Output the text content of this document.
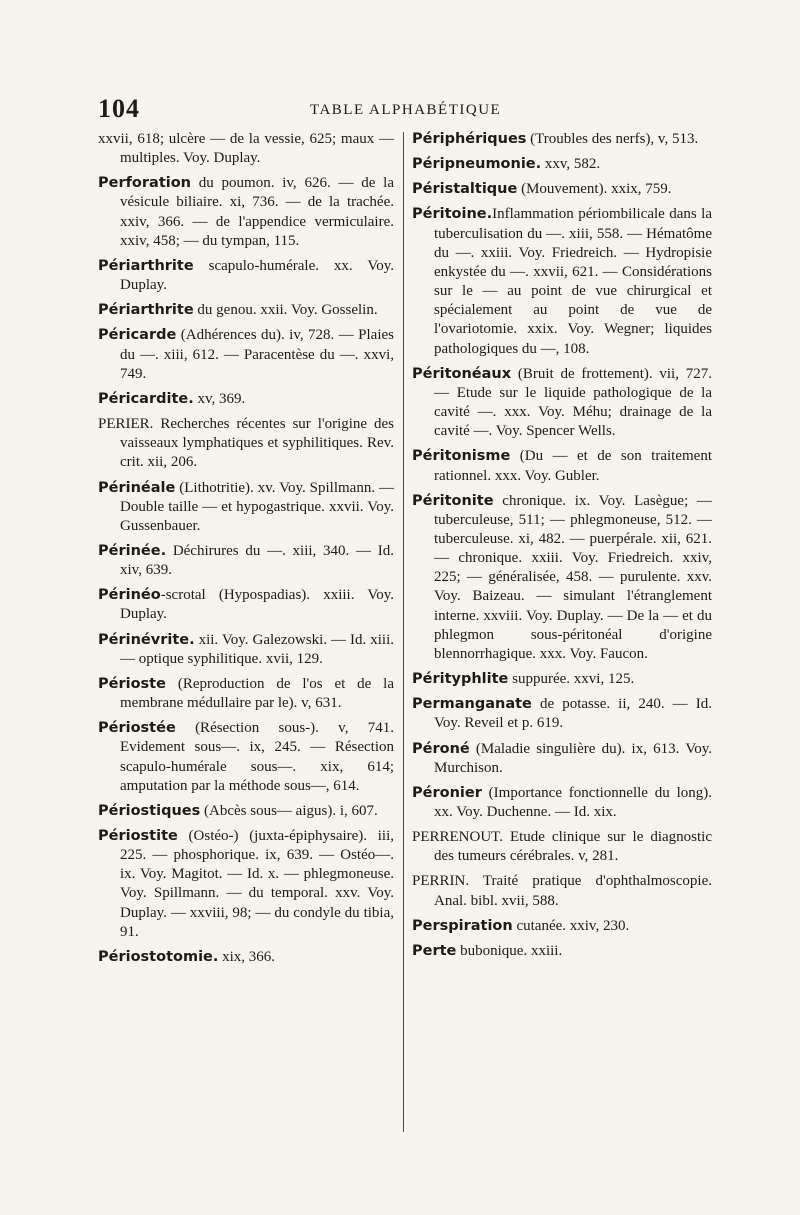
104	TABLE ALPHABÉTIQUE

xxvii, 618; ulcère — de la vessie, 625; maux — multiples. Voy. Duplay.

Perforation du poumon. iv, 626. — de la vésicule biliaire. xi, 736. — de la trachée. xxiv, 366. — de l'appendice vermiculaire. xxiv, 458; — du tympan, 115.

Périarthrite scapulo-humérale. xx. Voy. Duplay.

Périarthrite du genou. xxii. Voy. Gosselin.

Péricarde (Adhérences du). iv, 728. — Plaies du —. xiii, 612. — Paracentèse du —. xxvi, 749.

Péricardite. xv, 369.

PERIER. Recherches récentes sur l'origine des vaisseaux lymphatiques et syphilitiques. Rev. crit. xii, 206.

Périnéale (Lithotritie). xv. Voy. Spillmann. — Double taille — et hypogastrique. xxvii. Voy. Gussenbauer.

Périnée. Déchirures du —. xiii, 340. — Id. xiv, 639.

Périnéo-scrotal (Hypospadias). xxiii. Voy. Duplay.

Périnévrite. xii. Voy. Galezowski. — Id. xiii. — optique syphilitique. xvii, 129.

Périoste (Reproduction de l'os et de la membrane médullaire par le). v, 631.

Périostée (Résection sous-). v, 741. Evidement sous—. ix, 245. — Résection scapulo-humérale sous—. xix, 614; amputation par la méthode sous—, 614.

Périostiques (Abcès sous— aigus). i, 607.

Périostite (Ostéo-) (juxta-épiphysaire). iii, 225. — phosphorique. ix, 639. — Ostéo—. ix. Voy. Magitot. — Id. x. — phlegmoneuse. Voy. Spillmann. — du temporal. xxv. Voy. Duplay. — xxviii, 98; — du condyle du tibia, 91.

Périostotomie. xix, 366.

Périphériques (Troubles des nerfs), v, 513.

Péripneumonie. xxv, 582.

Péristaltique (Mouvement). xxix, 759.

Péritoine.Inflammation périombilicale dans la tuberculisation du —. xiii, 558. — Hématôme du —. xxiii. Voy. Friedreich. — Hydropisie enkystée du —. xxvii, 621. — Considérations sur le — au point de vue chirurgical et spécialement au point de vue de l'ovariotomie. xxix. Voy. Wegner; liquides pathologiques du —, 108.

Péritonéaux (Bruit de frottement). vii, 727. — Etude sur le liquide pathologique de la cavité —. xxx. Voy. Méhu; drainage de la cavité —. Voy. Spencer Wells.

Péritonisme (Du — et de son traitement rationnel. xxx. Voy. Gubler.

Péritonite chronique. ix. Voy. Lasègue; — tuberculeuse, 511; — phlegmoneuse, 512. — tuberculeuse. xi, 482. — puerpérale. xii, 621. — chronique. xxiii. Voy. Friedreich. xxiv, 225; — généralisée, 458. — purulente. xxv. Voy. Baizeau. — simulant l'étranglement interne. xxviii. Voy. Duplay. — De la — et du phlegmon sous-péritonéal d'origine blennorrhagique. xxx. Voy. Faucon.

Pérityphlite suppurée. xxvi, 125.

Permanganate de potasse. ii, 240. — Id. Voy. Reveil et p. 619.

Péroné (Maladie singulière du). ix, 613. Voy. Murchison.

Péronier (Importance fonctionnelle du long). xx. Voy. Duchenne. — Id. xix.

PERRENOUT. Etude clinique sur le diagnostic des tumeurs cérébrales. v, 281.

PERRIN. Traité pratique d'ophthalmoscopie. Anal. bibl. xvii, 588.

Perspiration cutanée. xxiv, 230.

Perte bubonique. xxiii.
